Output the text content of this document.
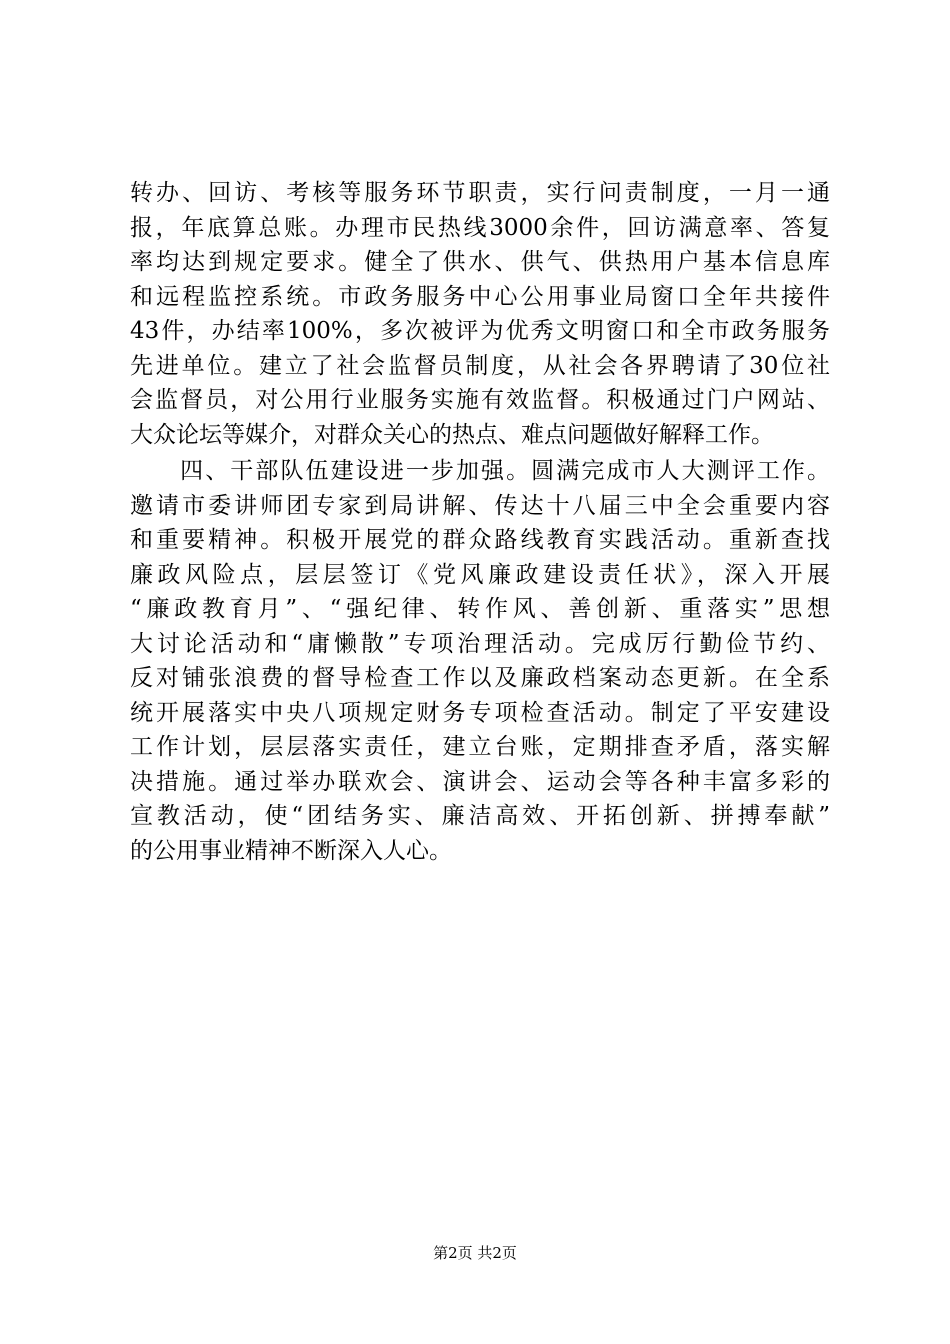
转办、回访、考核等服务环节职责，实行问责制度，一月一通
报，年底算总账。办理市民热线3000余件，回访满意率、答复
率均达到规定要求。健全了供水、供气、供热用户基本信息库
和远程监控系统。市政务服务中心公用事业局窗口全年共接件
43件，办结率100%，多次被评为优秀文明窗口和全市政务服务
先进单位。建立了社会监督员制度，从社会各界聘请了30位社
会监督员，对公用行业服务实施有效监督。积极通过门户网站、
大众论坛等媒介，对群众关心的热点、难点问题做好解释工作。
　　四、干部队伍建设进一步加强。圆满完成市人大测评工作。
邀请市委讲师团专家到局讲解、传达十八届三中全会重要内容
和重要精神。积极开展党的群众路线教育实践活动。重新查找
廉政风险点，层层签订《党风廉政建设责任状》，深入开展
“廉政教育月”、“强纪律、转作风、善创新、重落实”思想
大讨论活动和“庸懒散”专项治理活动。完成厉行勤俭节约、
反对铺张浪费的督导检查工作以及廉政档案动态更新。在全系
统开展落实中央八项规定财务专项检查活动。制定了平安建设
工作计划，层层落实责任，建立台账，定期排查矛盾，落实解
决措施。通过举办联欢会、演讲会、运动会等各种丰富多彩的
宣教活动，使“团结务实、廉洁高效、开拓创新、拼搏奉献”
的公用事业精神不断深入人心。
第2页 共2页
